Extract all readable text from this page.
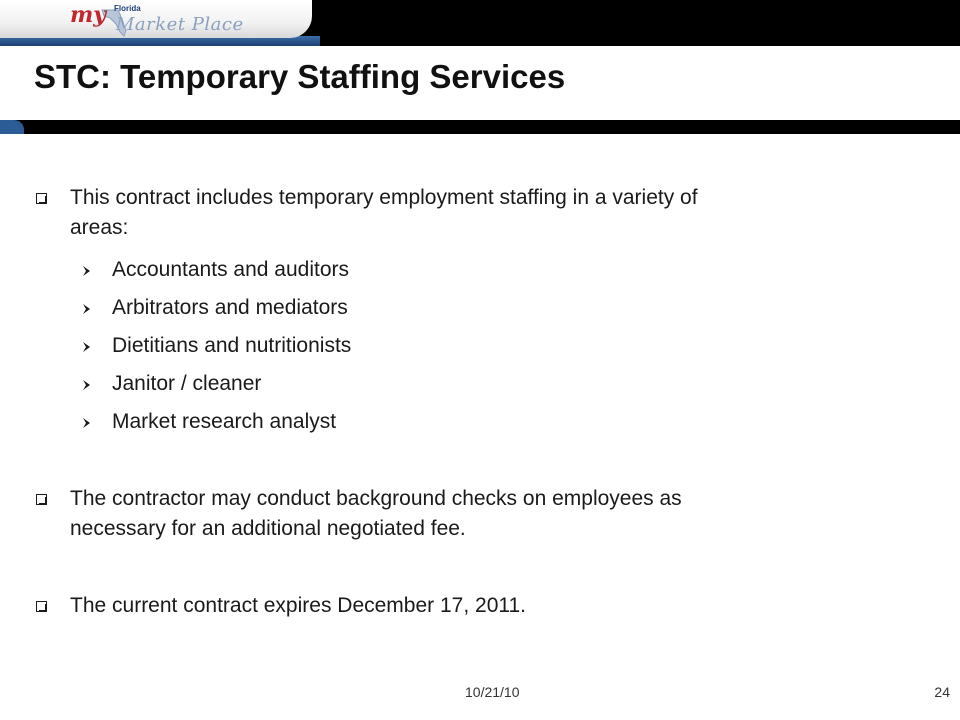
my Florida
Market Place
STC: Temporary Staffing Services
This contract includes temporary employment staffing in a variety of
areas:
Accountants and auditors
Arbitrators and mediators
Dietitians and nutritionists
Janitor / cleaner
Market research analyst
The contractor may conduct background checks on employees as
necessary for an additional negotiated fee.
The current contract expires December 17, 2011.
10/21/10	24
